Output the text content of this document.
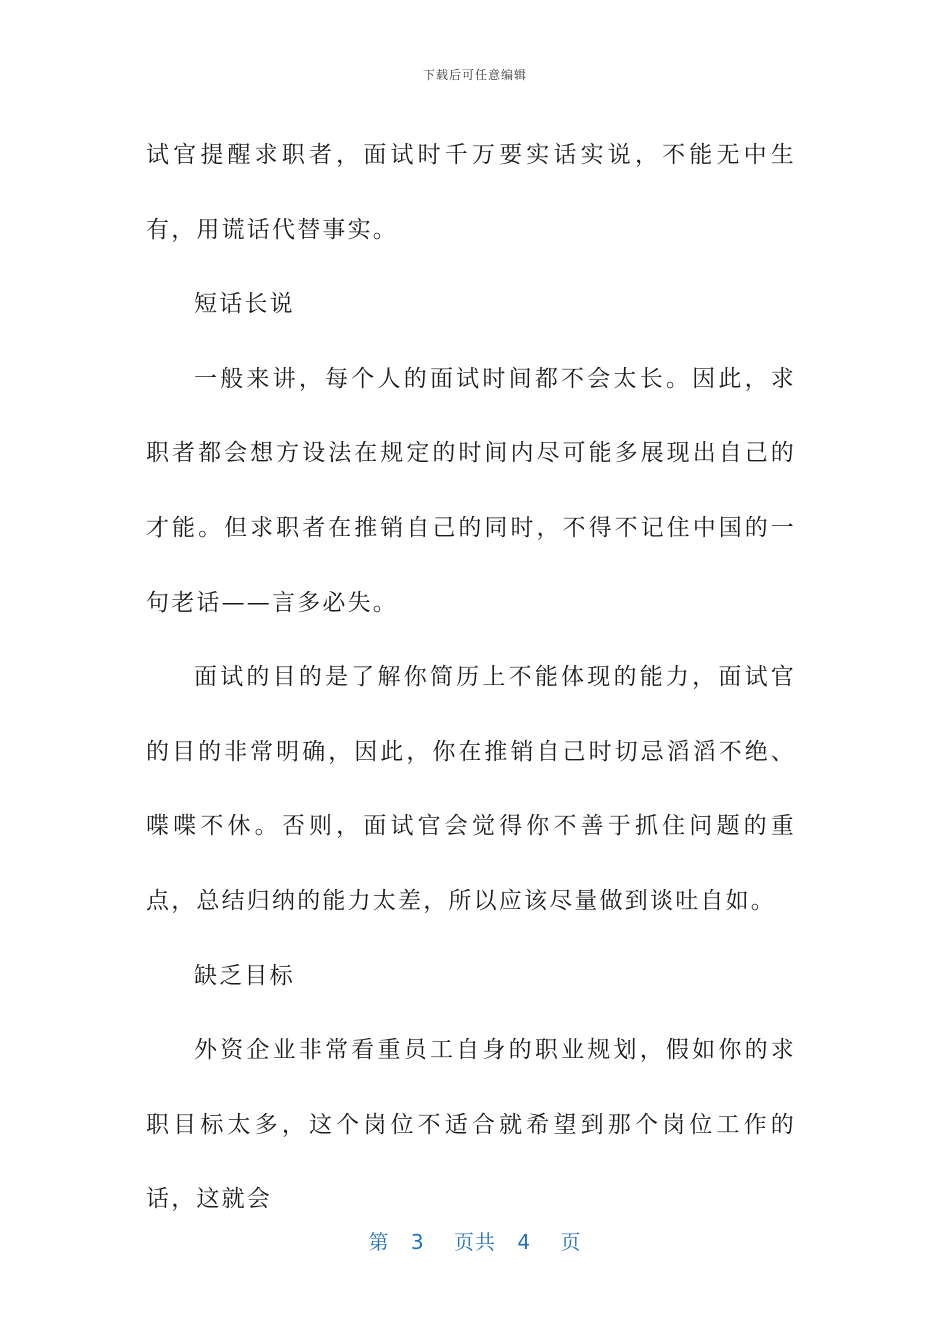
下载后可任意编辑

试官提醒求职者，面试时千万要实话实说，不能无中生有，用谎话代替事实。

短话长说

一般来讲，每个人的面试时间都不会太长。因此，求职者都会想方设法在规定的时间内尽可能多展现出自己的才能。但求职者在推销自己的同时，不得不记住中国的一句老话——言多必失。

面试的目的是了解你简历上不能体现的能力，面试官的目的非常明确，因此，你在推销自己时切忌滔滔不绝、喋喋不休。否则，面试官会觉得你不善于抓住问题的重点，总结归纳的能力太差，所以应该尽量做到谈吐自如。

缺乏目标

外资企业非常看重员工自身的职业规划，假如你的求职目标太多，这个岗位不适合就希望到那个岗位工作的话，这就会

第 3 页共 4 页
